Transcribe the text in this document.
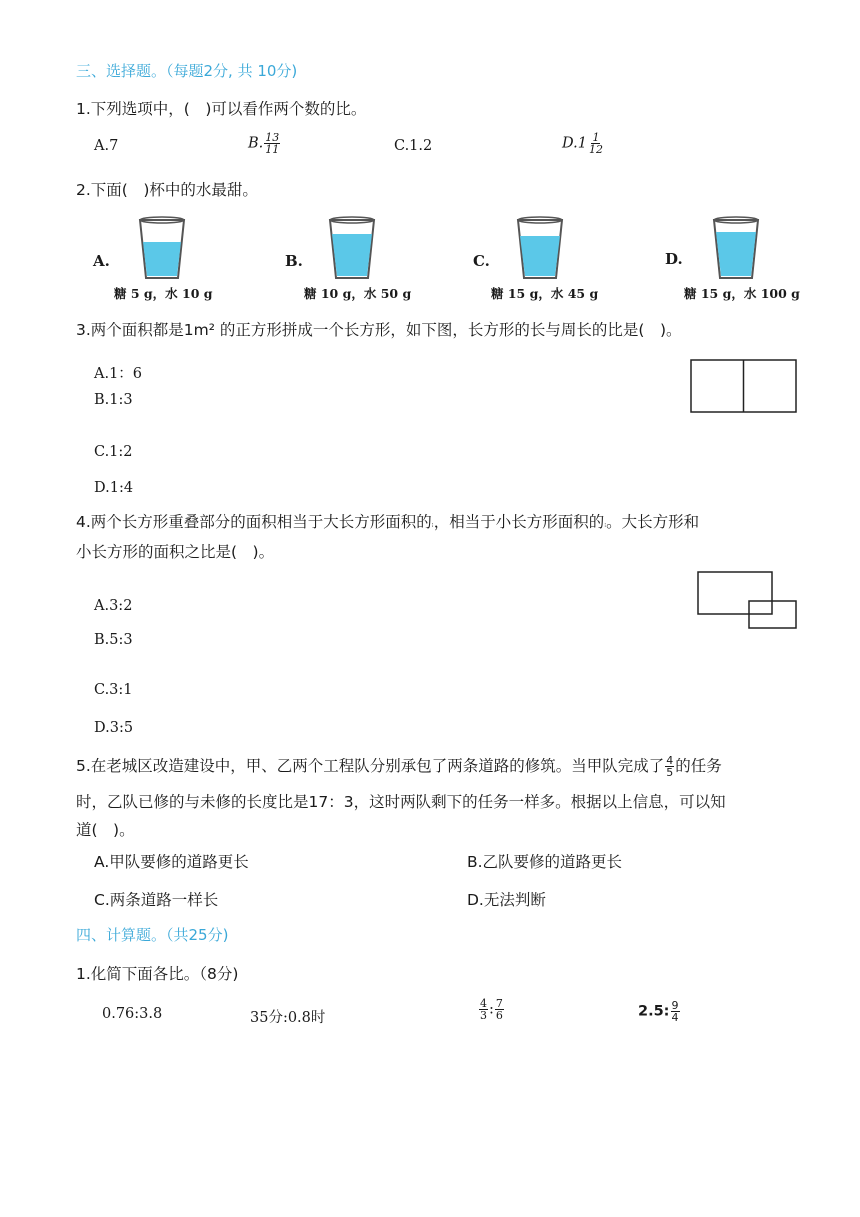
三、选择题。（每题2分, 共 10分)
1.下列选项中，(　)可以看作两个数的比。
A.7	B. $\frac{13}{11}$	C.1.2	$D.1 \frac{1}{12}$
2.下面(　)杯中的水最甜。
A.
糖 5 g，水 10 g
B.
糖 10 g，水 50 g
C.
糖 15 g，水 45 g
D.
糖 15 g，水 100 g
3.两个面积都是1m² 的正方形拼成一个长方形，如下图，长方形的长与周长的比是(　)。
A.1：6
B.1:3
C.1:2
D.1:4
4.两个长方形重叠部分的面积相当于大长方形面积的⁝，相当于小长方形面积的⁝。大长方形和
小长方形的面积之比是(　)。
A.3:2
B.5:3
C.3:1
D.3:5
5.在老城区改造建设中，甲、乙两个工程队分别承包了两条道路的修筑。当甲队完成了 $\frac{4}{5}$ 的任务
时，乙队已修的与未修的长度比是17：3，这时两队剩下的任务一样多。根据以上信息，可以知
道(　)。
A.甲队要修的道路更长	B.乙队要修的道路更长
C.两条道路一样长	D.无法判断
四、计算题。（共25分)
1.化简下面各比。（8分)
0.76:3.8	35分:0.8时	$\frac{4}{3}$ : $\frac{7}{6}$	2.5: $\frac{9}{4}$
